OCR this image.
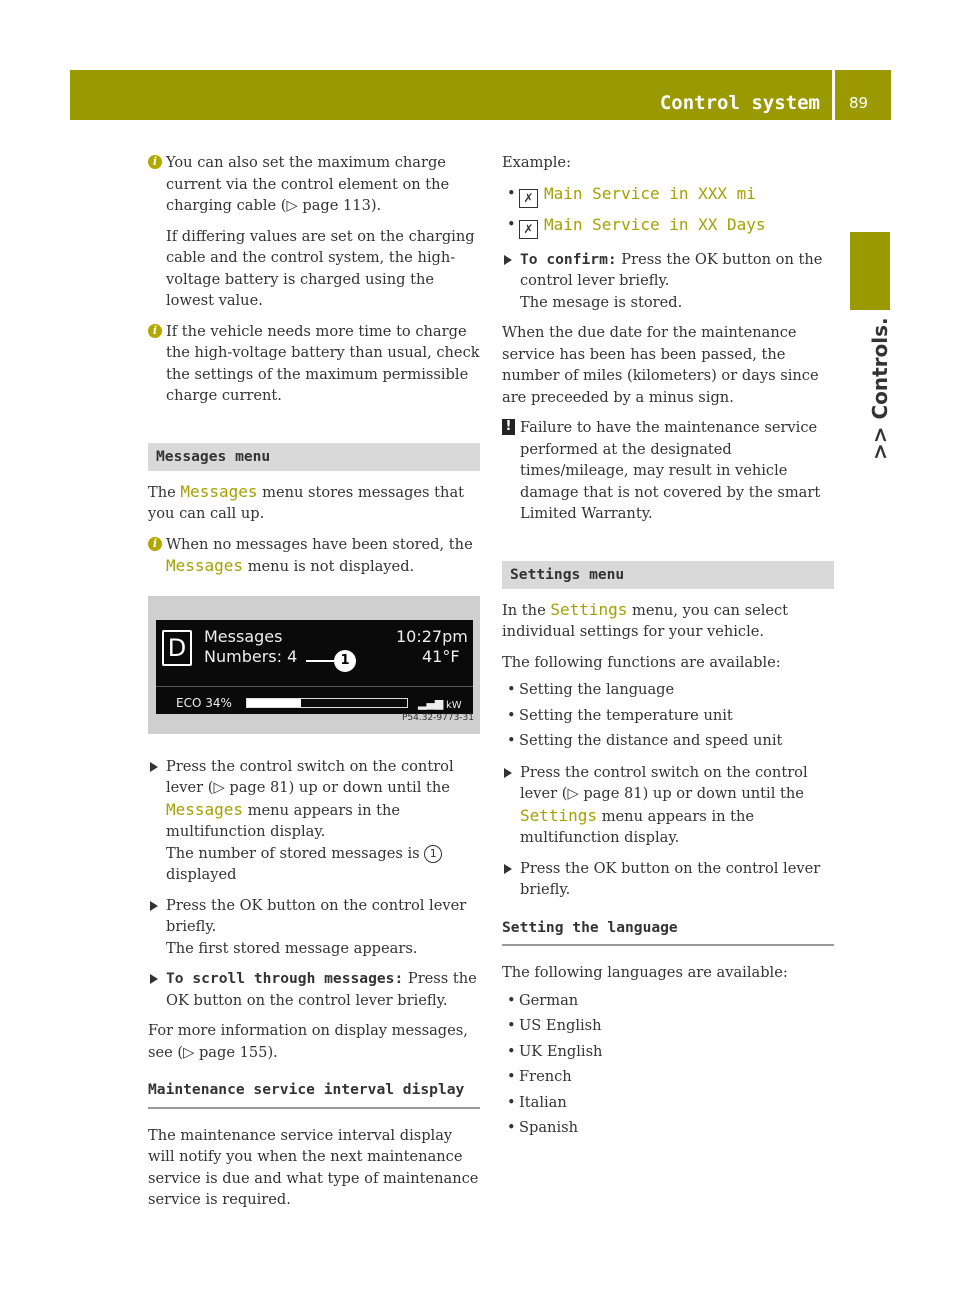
Control system 89
>> Controls.
i You can also set the maximum charge current via the control element on the charging cable (▷ page 113).

If differing values are set on the charging cable and the control system, the high-voltage battery is charged using the lowest value.

i If the vehicle needs more time to charge the high-voltage battery than usual, check the settings of the maximum permissible charge current.

Messages menu

The Messages menu stores messages that you can call up.

i When no messages have been stored, the Messages menu is not displayed.

D	Messages
Numbers: 4	1
10:27pm
41°F
ECO 34%	▂▄▆ kW
P54.32-9773-31
Press the control switch on the control lever (▷ page 81) up or down until the Messages menu appears in the multifunction display.
The number of stored messages is 1
displayed
Press the OK button on the control lever briefly.
The first stored message appears.
To scroll through messages: Press the OK button on the control lever briefly.

For more information on display messages, see (▷ page 155).

Maintenance service interval display

The maintenance service interval display will notify you when the next maintenance service is due and what type of maintenance service is required.

Example:

• ✗ Main Service in XXX mi
• ✗ Main Service in XX Days
To confirm: Press the OK button on the control lever briefly.
The mesage is stored.

When the due date for the maintenance service has been has been passed, the number of miles (kilometers) or days since are preceeded by a minus sign.

! Failure to have the maintenance service performed at the designated times/mileage, may result in vehicle damage that is not covered by the smart Limited Warranty.

Settings menu

In the Settings menu, you can select individual settings for your vehicle.

The following functions are available:

• Setting the language
• Setting the temperature unit
• Setting the distance and speed unit
Press the control switch on the control lever (▷ page 81) up or down until the Settings menu appears in the multifunction display.
Press the OK button on the control lever briefly.
Setting the language

The following languages are available:

• German
• US English
• UK English
• French
• Italian
• Spanish
